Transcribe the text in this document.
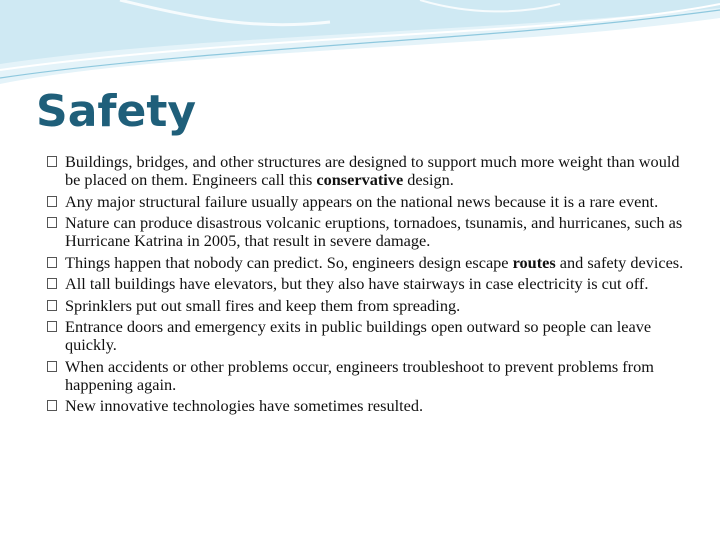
Safety
Buildings, bridges, and other structures are designed to support much more weight than would be placed on them. Engineers call this conservative design.
Any major structural failure usually appears on the national news because it is a rare event.
Nature can produce disastrous volcanic eruptions, tornadoes, tsunamis, and hurricanes, such as Hurricane Katrina in 2005, that result in severe damage.
Things happen that nobody can predict. So, engineers design escape routes and safety devices.
All tall buildings have elevators, but they also have stairways in case electricity is cut off.
Sprinklers put out small fires and keep them from spreading.
Entrance doors and emergency exits in public buildings open outward so people can leave quickly.
When accidents or other problems occur, engineers troubleshoot to prevent problems from happening again.
New innovative technologies have sometimes resulted.
